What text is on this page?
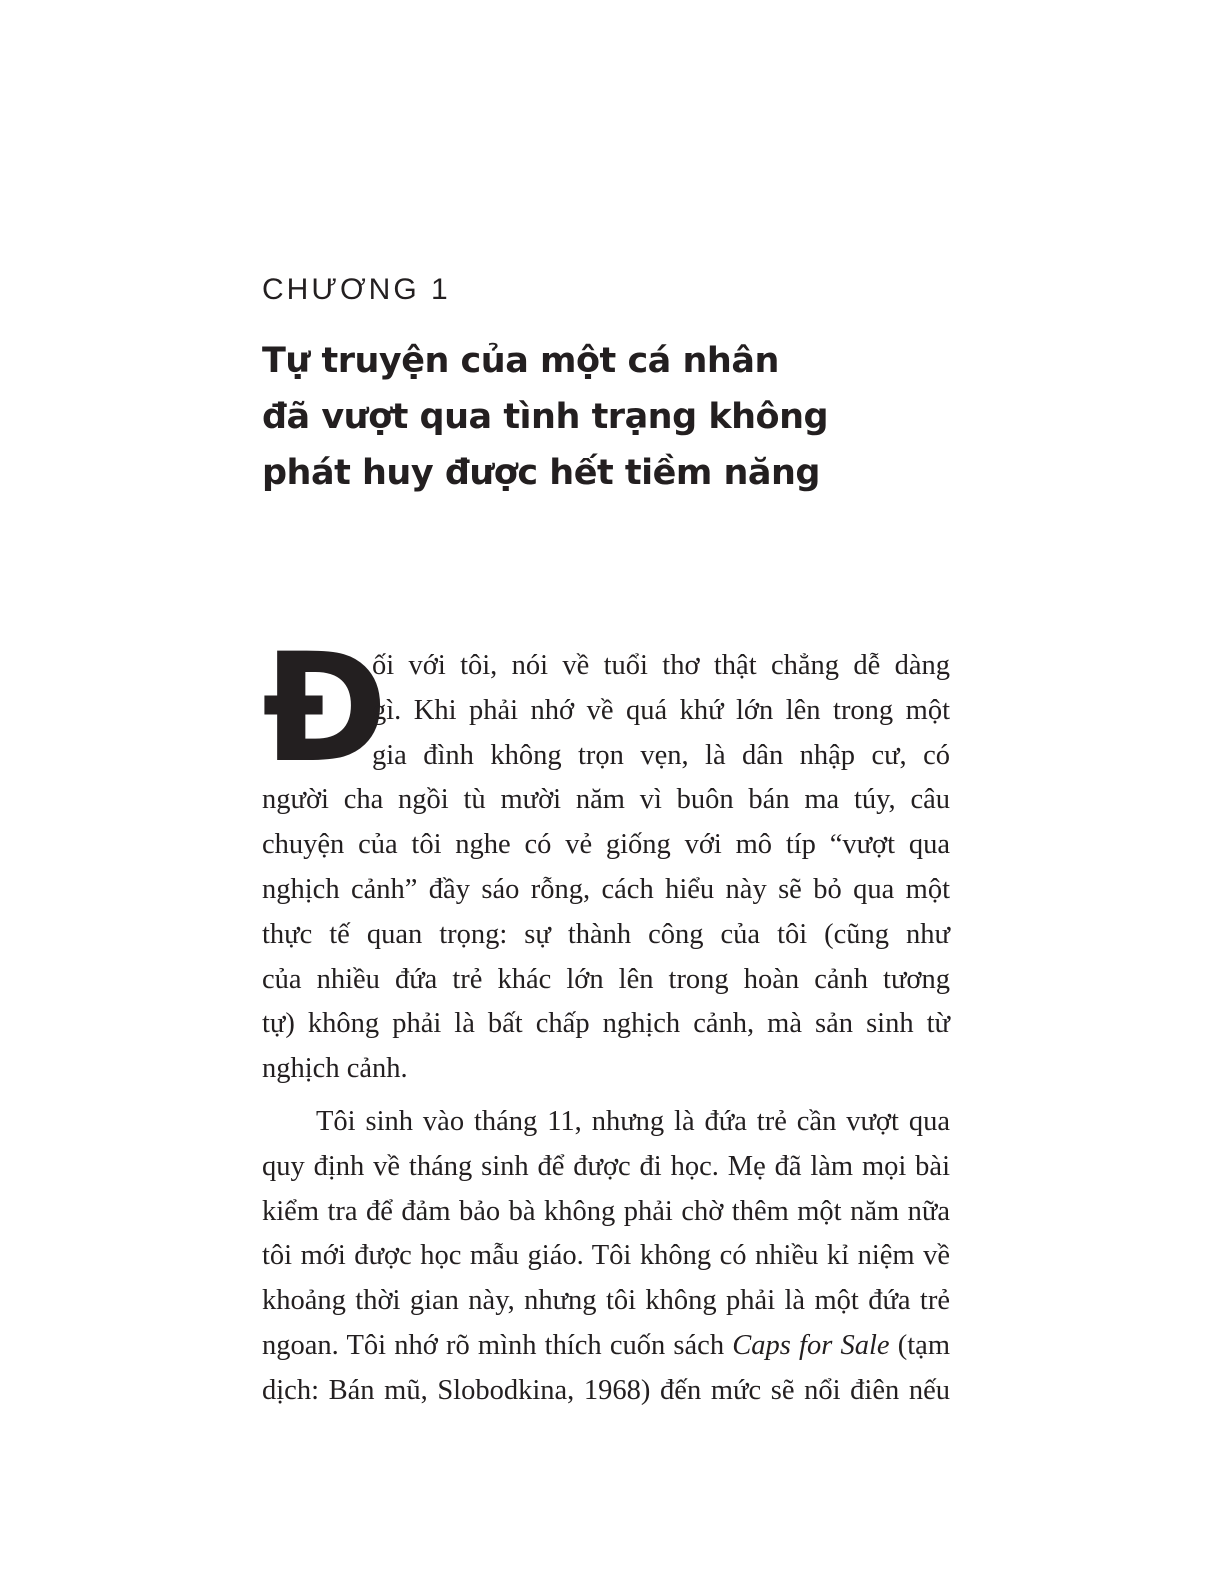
CHƯƠNG 1
Tự truyện của một cá nhân
đã vượt qua tình trạng không
phát huy được hết tiềm năng
Đ
ối với tôi, nói về tuổi thơ thật chẳng dễ dàng
gì. Khi phải nhớ về quá khứ lớn lên trong một
gia đình không trọn vẹn, là dân nhập cư, có
người cha ngồi tù mười năm vì buôn bán ma túy, câu
chuyện của tôi nghe có vẻ giống với mô típ “vượt qua
nghịch cảnh” đầy sáo rỗng, cách hiểu này sẽ bỏ qua một
thực tế quan trọng: sự thành công của tôi (cũng như
của nhiều đứa trẻ khác lớn lên trong hoàn cảnh tương
tự) không phải là bất chấp nghịch cảnh, mà sản sinh từ
nghịch cảnh.
Tôi sinh vào tháng 11, nhưng là đứa trẻ cần vượt qua
quy định về tháng sinh để được đi học. Mẹ đã làm mọi bài
kiểm tra để đảm bảo bà không phải chờ thêm một năm nữa
tôi mới được học mẫu giáo. Tôi không có nhiều kỉ niệm về
khoảng thời gian này, nhưng tôi không phải là một đứa trẻ
ngoan. Tôi nhớ rõ mình thích cuốn sách Caps for Sale (tạm
dịch: Bán mũ, Slobodkina, 1968) đến mức sẽ nổi điên nếu
